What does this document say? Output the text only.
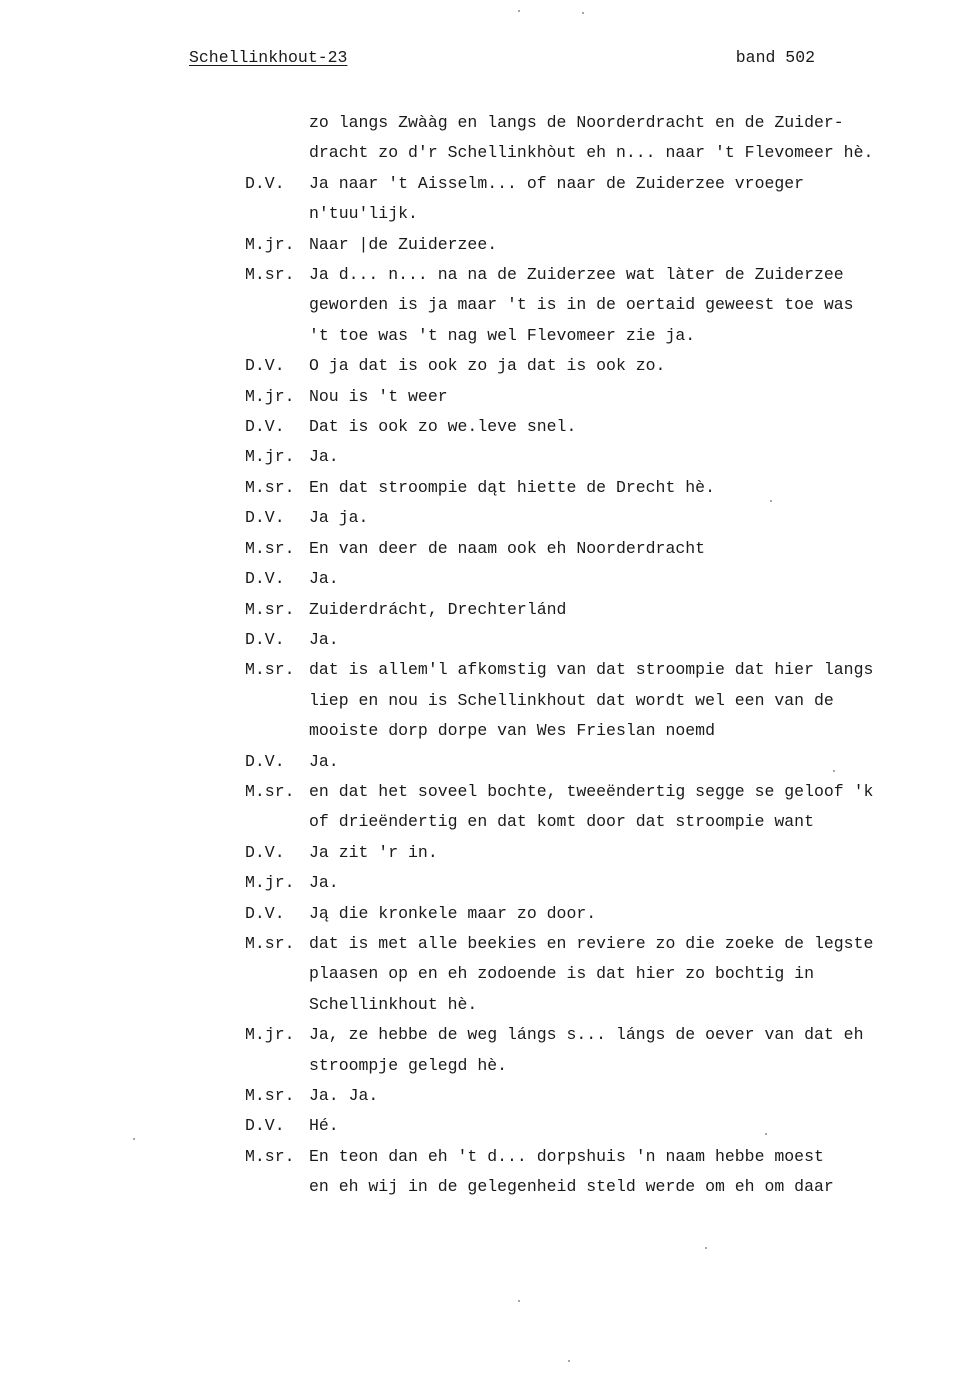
Schellinkhout-23	band 502
zo langs Zwààg en langs de Noorderdracht en de Zuider-
dracht zo d'r Schellinkhòut eh n... naar 't Flevomeer hè.
D.V.	Ja naar 't Aisselm... of naar de Zuiderzee vroeger
n'tuu'lijk.
M.jr. Naar |de Zuiderzee.
M.sr. Ja d... n... na na de Zuiderzee wat làter de Zuiderzee
geworden is ja maar 't is in de oertaid geweest toe was
't toe was 't nag wel Flevomeer zie ja.
D.V.	O ja dat is ook zo ja dat is ook zo.
M.jr. Nou is 't weer
D.V.	Dat is ook zo we.leve snel.
M.jr. Ja.
M.sr. En dat stroompie dąt hiette de Drecht hè.
D.V.	Ja ja.
M.sr. En van deer de naam ook eh Noorderdracht
D.V.	Ja.
M.sr. Zuiderdrácht, Drechterlánd
D.V.	Ja.
M.sr. dat is allem'l afkomstig van dat stroompie dat hier langs
liep en nou is Schellinkhout dat wordt wel een van de
mooiste dorp dorpe van Wes Frieslan noemd
D.V.	Ja.
M.sr. en dat het soveel bochte, tweeëndertig segge se geloof 'k
of drieëndertig en dat komt door dat stroompie want
D.V.	Ja zit 'r in.
M.jr. Ja.
D.V.	Ją die kronkele maar zo door.
M.sr. dat is met alle beekies en reviere zo die zoeke de legste
plaasen op en eh zodoende is dat hier zo bochtig in
Schellinkhout hè.
M.jr. Ja, ze hebbe de weg lángs s... lángs de oever van dat eh
stroompje gelegd hè.
M.sr. Ja. Ja.
D.V.	Hé.
M.sr. En teon dan eh 't d... dorpshuis 'n naam hebbe moest
en eh wij in de gelegenheid steld werde om eh om daar
